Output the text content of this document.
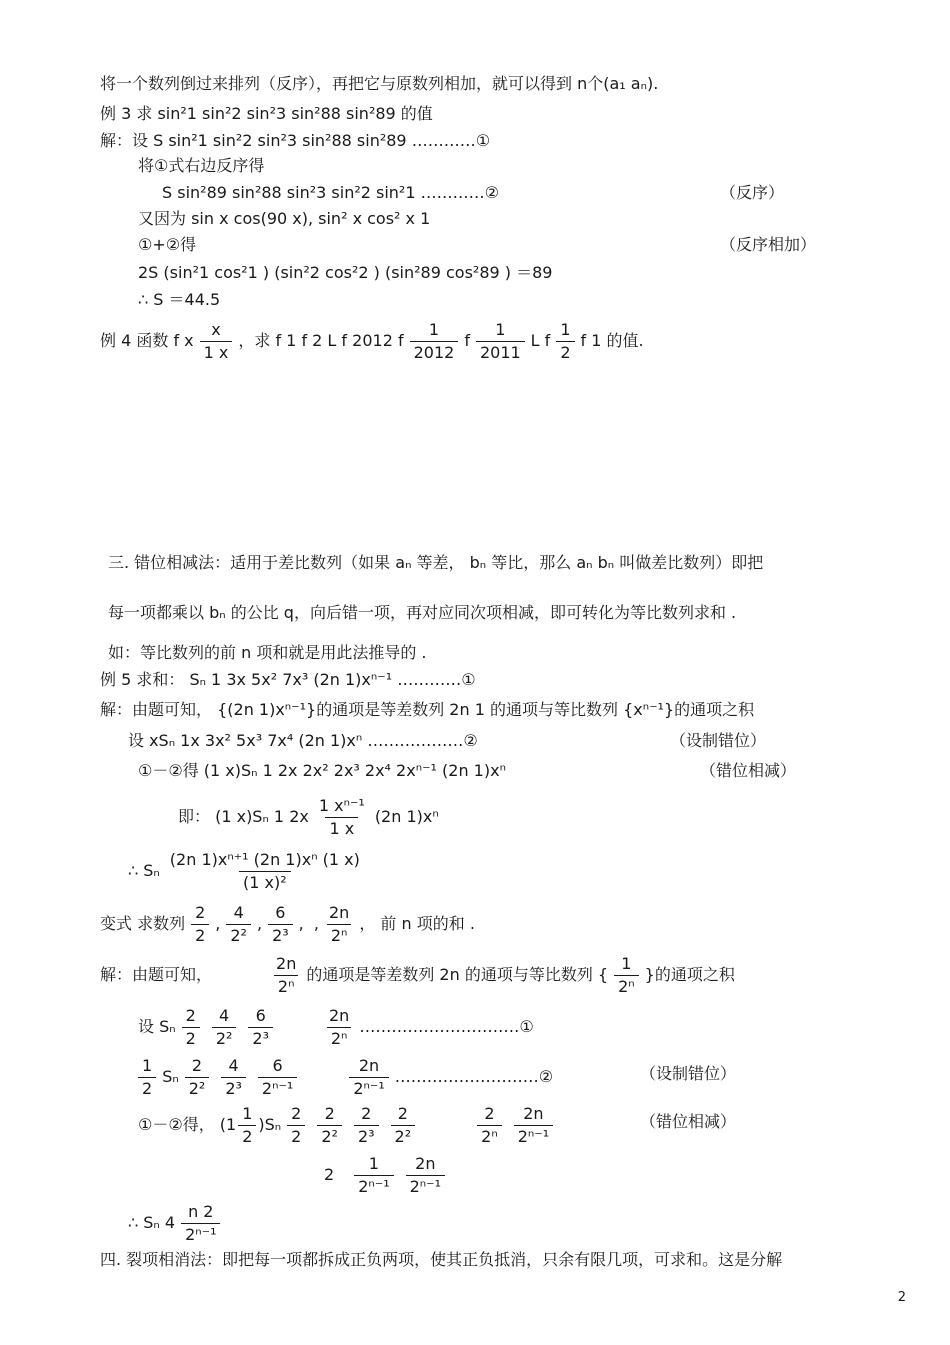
将一个数列倒过来排列（反序），再把它与原数列相加，就可以得到 n个(a₁ aₙ).
例 3 求 sin²1 sin²2 sin²3 sin²88 sin²89 的值
解：设 S sin²1 sin²2 sin²3 sin²88 sin²89 …………①
将①式右边反序得
S sin²89 sin²88 sin²3 sin²2 sin²1 …………②	（反序）
又因为 sin x cos(90 x), sin² x cos² x 1
①+②得	（反序相加）
2S (sin²1 cos²1 ) (sin²2 cos²2 ) (sin²89 cos²89 ) ＝89
∴ S ＝44.5
例 4 函数 f x $\frac{x}{1 x}$ ，求 f 1 f 2 L f 2012 f $\frac{1}{2012}$ f $\frac{1}{2011}$ L f $\frac{1}{2}$ f 1 的值.
三. 错位相减法：适用于差比数列（如果 aₙ 等差， bₙ 等比，那么 aₙ bₙ 叫做差比数列）即把
每一项都乘以 bₙ 的公比 q，向后错一项，再对应同次项相减，即可转化为等比数列求和 .
如：等比数列的前 n 项和就是用此法推导的 .
例 5 求和： Sₙ 1 3x 5x² 7x³ (2n 1)xⁿ⁻¹ …………①
解：由题可知， {(2n 1)xⁿ⁻¹}的通项是等差数列 2n 1 的通项与等比数列 {xⁿ⁻¹}的通项之积
设 xSₙ 1x 3x² 5x³ 7x⁴ (2n 1)xⁿ ………………②	（设制错位）
①－②得 (1 x)Sₙ 1 2x 2x² 2x³ 2x⁴ 2xⁿ⁻¹ (2n 1)xⁿ	（错位相减）
即： (1 x)Sₙ 1 $2x \frac{\text{1 xⁿ⁻¹}}{1 x} (2n$ 1)xⁿ
∴ Sₙ $\frac{\text{(2n 1)xⁿ⁺¹ (2n 1)xⁿ (1 x)}}{\text{(1 x)²}}$
变式 求数列 $\frac{2}{2}$ , $\frac{4}{\text{2²}}$ , $\frac{6}{\text{2³}}$ ,  , $\frac{2n}{\text{2ⁿ}}$ ， 前 n 项的和 .
解：由题可知，	$\frac{2n}{\text{2ⁿ}}$ 的通项是等差数列 2n 的通项与等比数列 { $\frac{1}{\text{2ⁿ}}$ }的通项之积
设 Sₙ $\frac{2}{2} \frac{4}{\text{2²}} \frac{6}{\text{2³}}$	$\frac{2n}{\text{2ⁿ}}$ …………………………①
$\frac{1}{2}$ Sₙ $\frac{2}{\text{2²}} \frac{4}{\text{2³}} \frac{6}{\text{2ⁿ⁻¹}}$	$\frac{2n}{\text{2ⁿ⁻¹}}$ ………………………②	（设制错位）
①－②得， $(1 \frac{1}{2} )S_n \frac{2}{2} \frac{2}{\text{2²}} \frac{2}{\text{2³}} \frac{2}{\text{2²}}$	$\frac{2}{\text{2ⁿ}} \frac{2n}{\text{2ⁿ⁻¹}}$	（错位相减）
$2 \frac{1}{\text{2ⁿ⁻¹}} \frac{2n}{\text{2ⁿ⁻¹}}$
∴ Sₙ $4 \frac{n 2}{\text{2ⁿ⁻¹}}$
四. 裂项相消法：即把每一项都拆成正负两项，使其正负抵消，只余有限几项，可求和。这是分解
2
